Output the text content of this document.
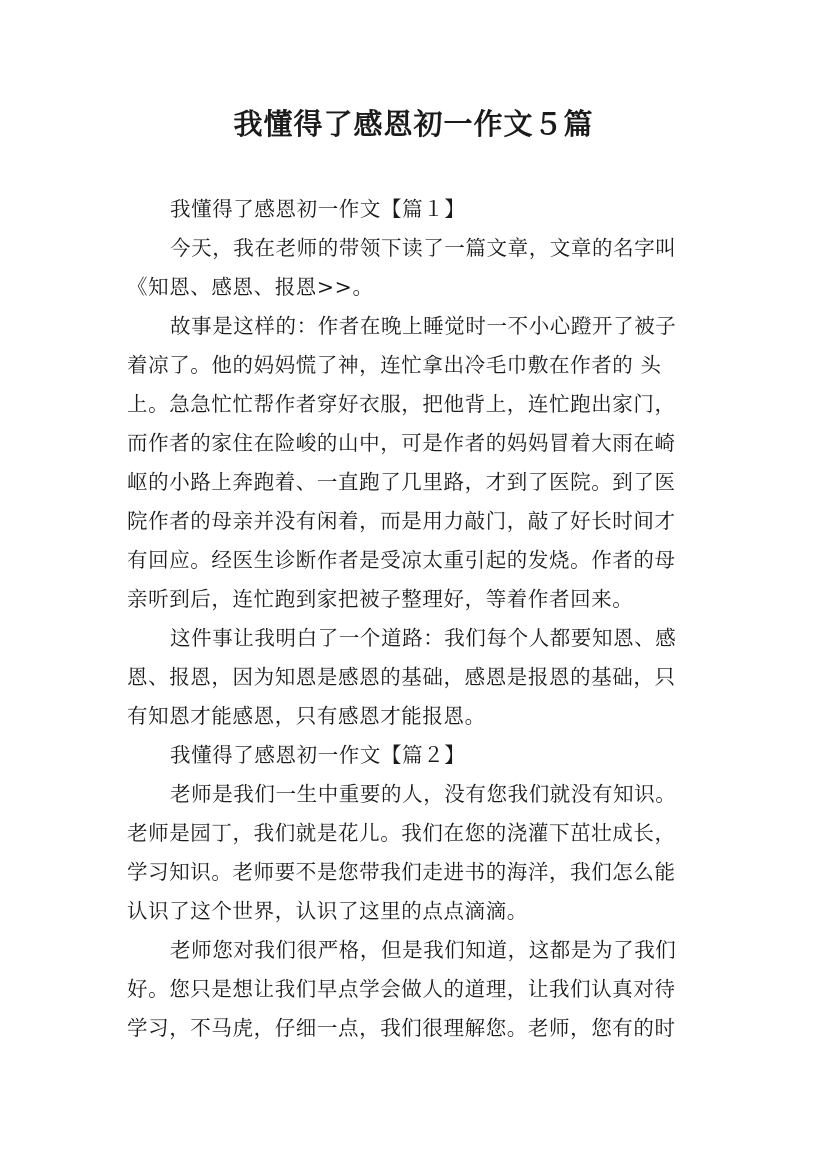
我懂得了感恩初一作文５篇
我懂得了感恩初一作文【篇１】
今天，我在老师的带领下读了一篇文章，文章的名字叫
《知恩、感恩、报恩>>。
故事是这样的：作者在晚上睡觉时一不小心蹬开了被子
着凉了。他的妈妈慌了神，连忙拿出冷毛巾敷在作者的 头
上。急急忙忙帮作者穿好衣服，把他背上，连忙跑出家门，
而作者的家住在险峻的山中，可是作者的妈妈冒着大雨在崎
岖的小路上奔跑着、一直跑了几里路，才到了医院。到了医
院作者的母亲并没有闲着，而是用力敲门，敲了好长时间才
有回应。经医生诊断作者是受凉太重引起的发烧。作者的母
亲听到后，连忙跑到家把被子整理好，等着作者回来。
这件事让我明白了一个道路：我们每个人都要知恩、感
恩、报恩，因为知恩是感恩的基础，感恩是报恩的基础，只
有知恩才能感恩，只有感恩才能报恩。
我懂得了感恩初一作文【篇２】
老师是我们一生中重要的人，没有您我们就没有知识。
老师是园丁，我们就是花儿。我们在您的浇灌下茁壮成长，
学习知识。老师要不是您带我们走进书的海洋，我们怎么能
认识了这个世界，认识了这里的点点滴滴。
老师您对我们很严格，但是我们知道，这都是为了我们
好。您只是想让我们早点学会做人的道理，让我们认真对待
学习，不马虎，仔细一点，我们很理解您。老师，您有的时
